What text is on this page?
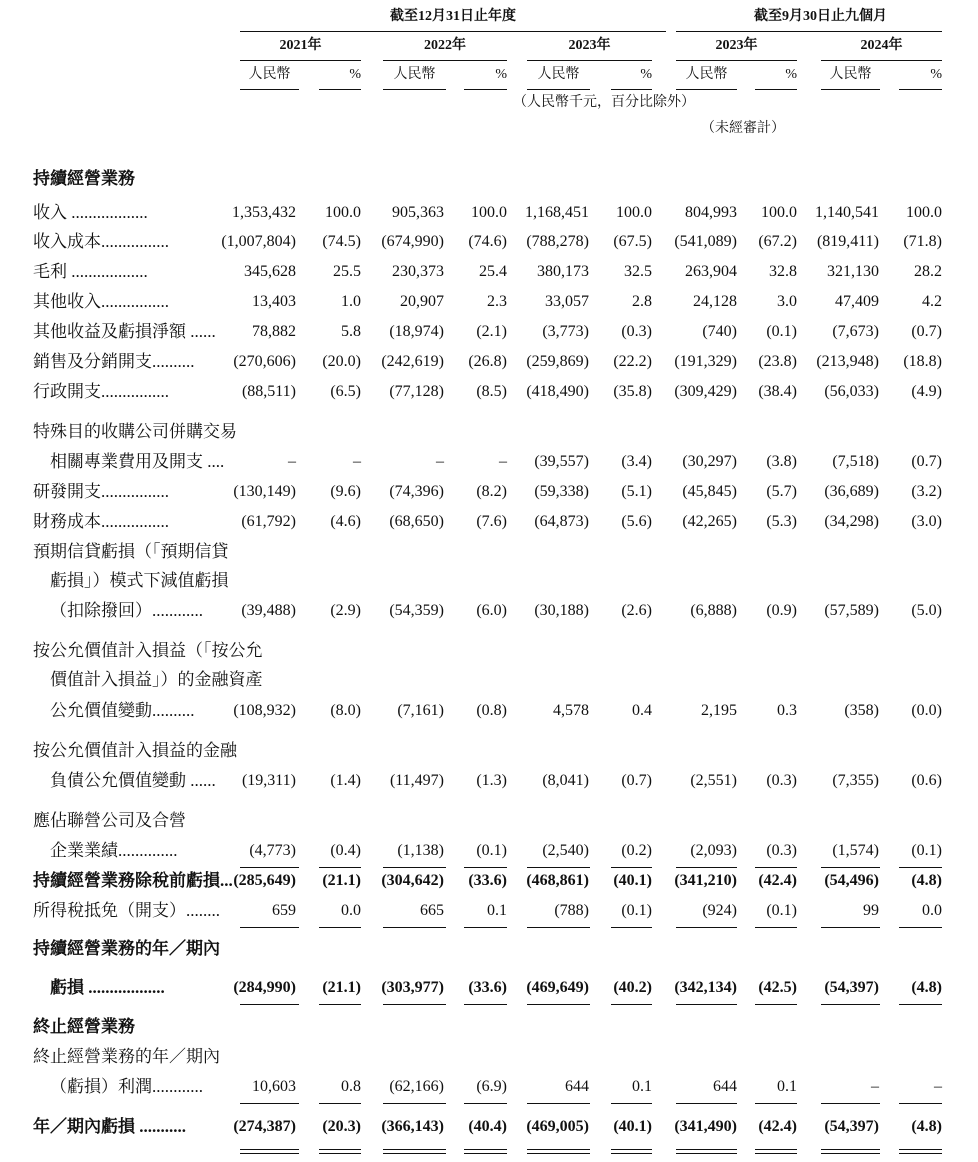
截至12月31日止年度	截至9月30日止九個月
（人民幣千元，百分比除外）
（未經審計）
2021年	2022年	2023年	2023年	2024年
人民幣	%	人民幣	%	人民幣	%	人民幣	%	人民幣	%
持續經營業務
收入 ..................	1,353,432	100.0	905,363	100.0	1,168,451	100.0	804,993	100.0	1,140,541	100.0
收入成本................	(1,007,804)	(74.5)	(674,990)	(74.6)	(788,278)	(67.5)	(541,089)	(67.2)	(819,411)	(71.8)
毛利 ..................	345,628	25.5	230,373	25.4	380,173	32.5	263,904	32.8	321,130	28.2
其他收入................	13,403	1.0	20,907	2.3	33,057	2.8	24,128	3.0	47,409	4.2
其他收益及虧損淨額 ......	78,882	5.8	(18,974)	(2.1)	(3,773)	(0.3)	(740)	(0.1)	(7,673)	(0.7)
銷售及分銷開支..........	(270,606)	(20.0)	(242,619)	(26.8)	(259,869)	(22.2)	(191,329)	(23.8)	(213,948)	(18.8)
行政開支................	(88,511)	(6.5)	(77,128)	(8.5)	(418,490)	(35.8)	(309,429)	(38.4)	(56,033)	(4.9)
特殊目的收購公司併購交易
相關專業費用及開支 ....	–	–	–	–	(39,557)	(3.4)	(30,297)	(3.8)	(7,518)	(0.7)
研發開支................	(130,149)	(9.6)	(74,396)	(8.2)	(59,338)	(5.1)	(45,845)	(5.7)	(36,689)	(3.2)
財務成本................	(61,792)	(4.6)	(68,650)	(7.6)	(64,873)	(5.6)	(42,265)	(5.3)	(34,298)	(3.0)
預期信貸虧損（「預期信貸
虧損」）模式下減值虧損
（扣除撥回）............	(39,488)	(2.9)	(54,359)	(6.0)	(30,188)	(2.6)	(6,888)	(0.9)	(57,589)	(5.0)
按公允價值計入損益（「按公允
價值計入損益」）的金融資產
公允價值變動..........	(108,932)	(8.0)	(7,161)	(0.8)	4,578	0.4	2,195	0.3	(358)	(0.0)
按公允價值計入損益的金融
負債公允價值變動 ......	(19,311)	(1.4)	(11,497)	(1.3)	(8,041)	(0.7)	(2,551)	(0.3)	(7,355)	(0.6)
應佔聯營公司及合營
企業業績..............	(4,773)	(0.4)	(1,138)	(0.1)	(2,540)	(0.2)	(2,093)	(0.3)	(1,574)	(0.1)
持續經營業務除稅前虧損... (285,649)	(21.1)	(304,642)	(33.6)	(468,861)	(40.1)	(341,210)	(42.4)	(54,496)	(4.8)
所得稅抵免（開支）........	659	0.0	665	0.1	(788)	(0.1)	(924)	(0.1)	99	0.0
持續經營業務的年／期內
虧損 ..................	(284,990)	(21.1)	(303,977)	(33.6)	(469,649)	(40.2)	(342,134)	(42.5)	(54,397)	(4.8)
終止經營業務
終止經營業務的年／期內
（虧損）利潤............	10,603	0.8	(62,166)	(6.9)	644	0.1	644	0.1	–	–
年／期內虧損 ...........	(274,387)	(20.3)	(366,143)	(40.4)	(469,005)	(40.1)	(341,490)	(42.4)	(54,397)	(4.8)
